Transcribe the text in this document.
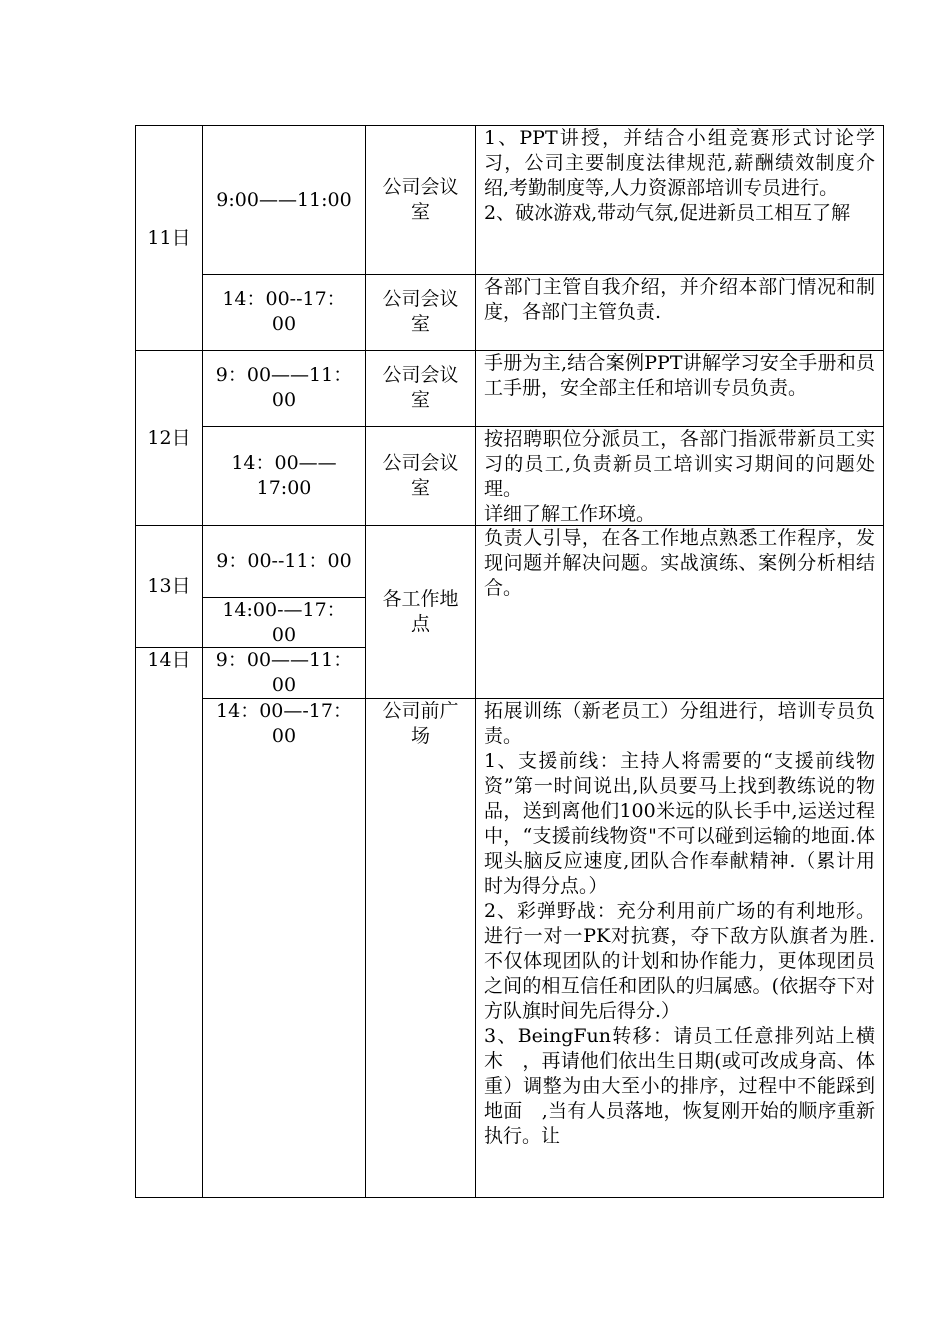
11日
9:00——11:00
公司会议室

1、PPT讲授，并结合小组竞赛形式讨论学习，公司主要制度法律规范,薪酬绩效制度介绍,考勤制度等,人力资源部培训专员进行。

2、破冰游戏,带动气氛,促进新员工相互了解

14：00--17：00
公司会议室

各部门主管自我介绍，并介绍本部门情况和制度，各部门主管负责.

12日
9：00——11：00
公司会议室

手册为主,结合案例PPT讲解学习安全手册和员工手册，安全部主任和培训专员负责。

14：00——17:00
公司会议室

按招聘职位分派员工，各部门指派带新员工实习的员工,负责新员工培训实习期间的问题处理。

详细了解工作环境。

13日
9：00--11：00
14:00-—17：00
各工作地点

负责人引导，在各工作地点熟悉工作程序，发现问题并解决问题。实战演练、案例分析相结合。

14日 9：00——11：00
14：00—-17：00
公司前广场

拓展训练（新老员工）分组进行，培训专员负责。

1、支援前线：主持人将需要的“支援前线物资”第一时间说出,队员要马上找到教练说的物品，送到离他们100米远的队长手中,运送过程中，“支援前线物资"不可以碰到运输的地面.体现头脑反应速度,团队合作奉献精神.（累计用时为得分点。）

2、彩弹野战：充分利用前广场的有利地形。进行一对一PK对抗赛，夺下敌方队旗者为胜.不仅体现团队的计划和协作能力，更体现团员之间的相互信任和团队的归属感。(依据夺下对方队旗时间先后得分.）

3、BeingFun转移：请员工任意排列站上横木　，再请他们依出生日期(或可改成身高、体重）调整为由大至小的排序，过程中不能踩到地面　,当有人员落地，恢复刚开始的顺序重新执行。让
